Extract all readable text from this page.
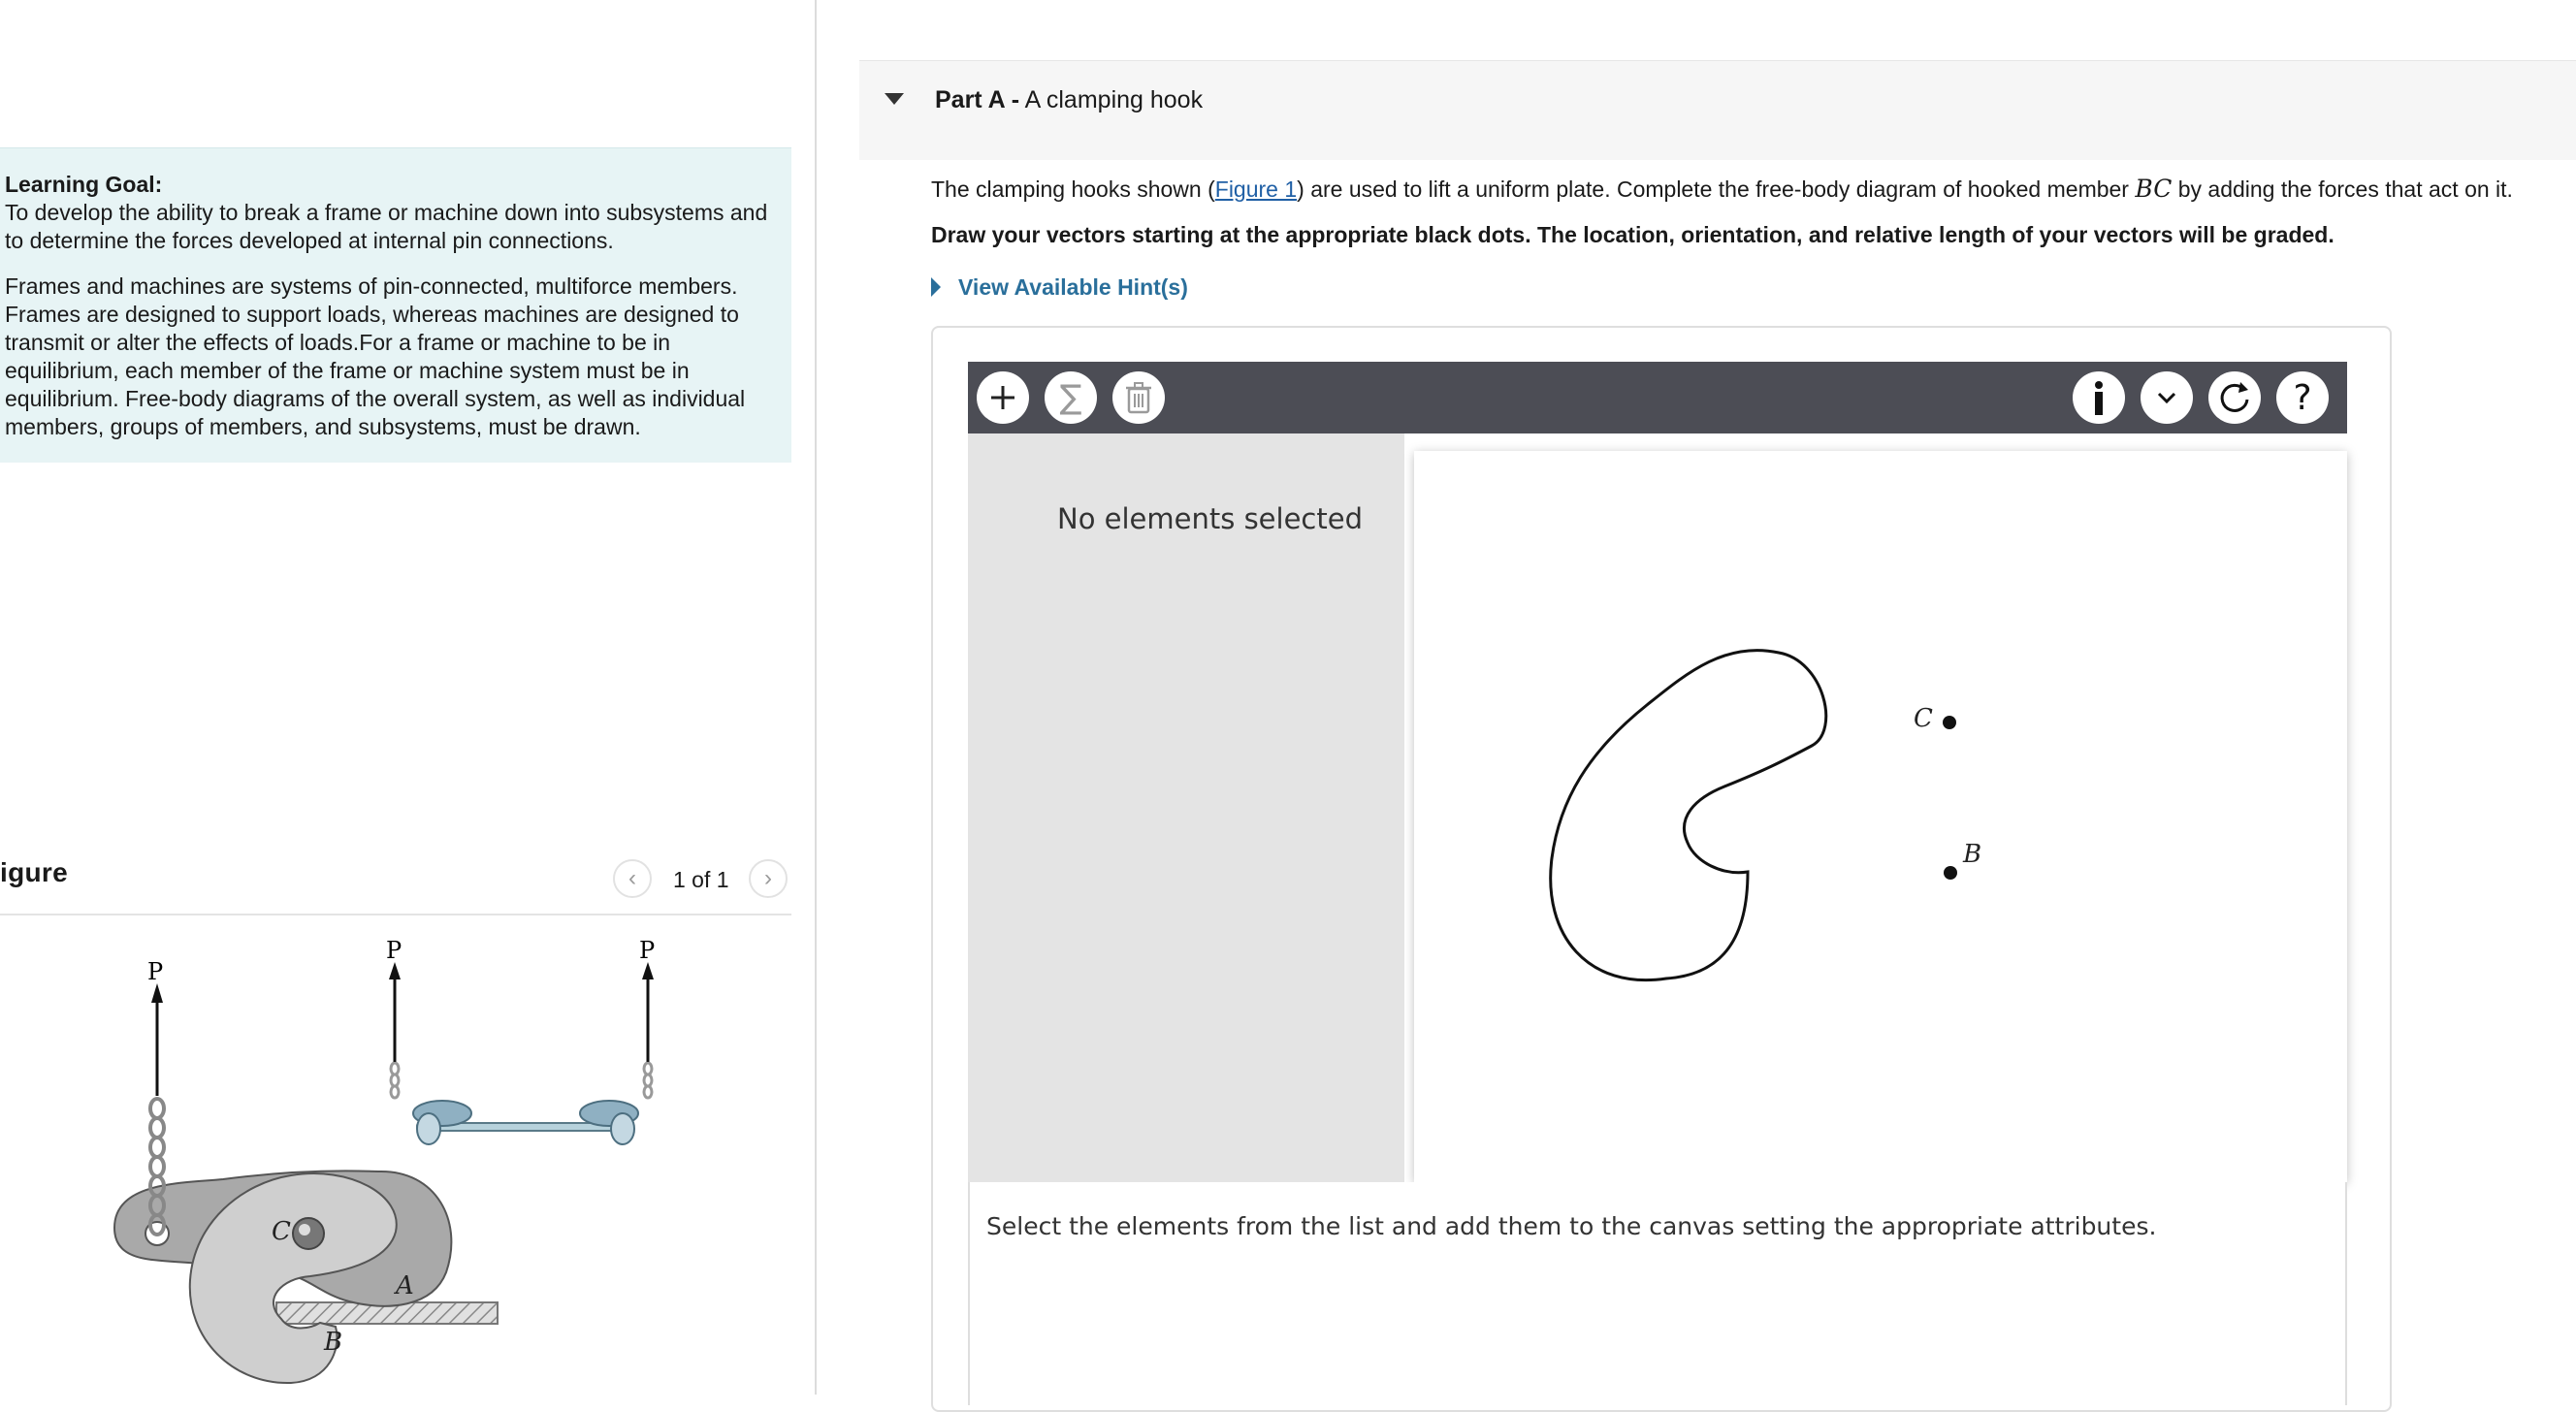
Learning Goal:
To develop the ability to break a frame or machine down into subsystems and to determine the forces developed at internal pin connections.
Frames and machines are systems of pin-connected, multiforce members. Frames are designed to support loads, whereas machines are designed to transmit or alter the effects of loads.For a frame or machine to be in equilibrium, each member of the frame or machine system must be in equilibrium. Free-body diagrams of the overall system, as well as individual members, groups of members, and subsystems, must be drawn.
igure	‹ 1 of 1 ›
P
C
A
B
P	P
Part A - A clamping hook
The clamping hooks shown (Figure 1) are used to lift a uniform plate. Complete the free-body diagram of hooked member BC by adding the forces that act on it.
Draw your vectors starting at the appropriate black dots. The location, orientation, and relative length of your vectors will be graded.
View Available Hint(s)
∑	?
No elements selected
C
B
Select the elements from the list and add them to the canvas setting the appropriate attributes.
